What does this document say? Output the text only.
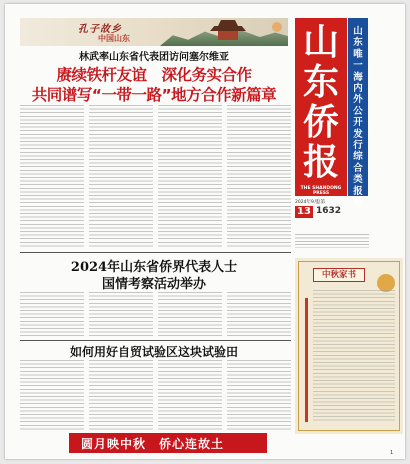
孔子故乡
中国山东
林武率山东省代表团访问塞尔维亚
赓续铁杆友谊　深化务实合作
共同谱写“一带一路”地方合作新篇章
山
东
侨
报
THE SHANDONG PRESS
山
东
唯
一
海
内
外
公
开
发
行
综
合
类
报
纸
2024年9月
13
总第
1632
2024年山东省侨界代表人士
国情考察活动举办
如何用好自贸试验区这块试验田
中秋家书
圆月映中秋　侨心连故土
1
